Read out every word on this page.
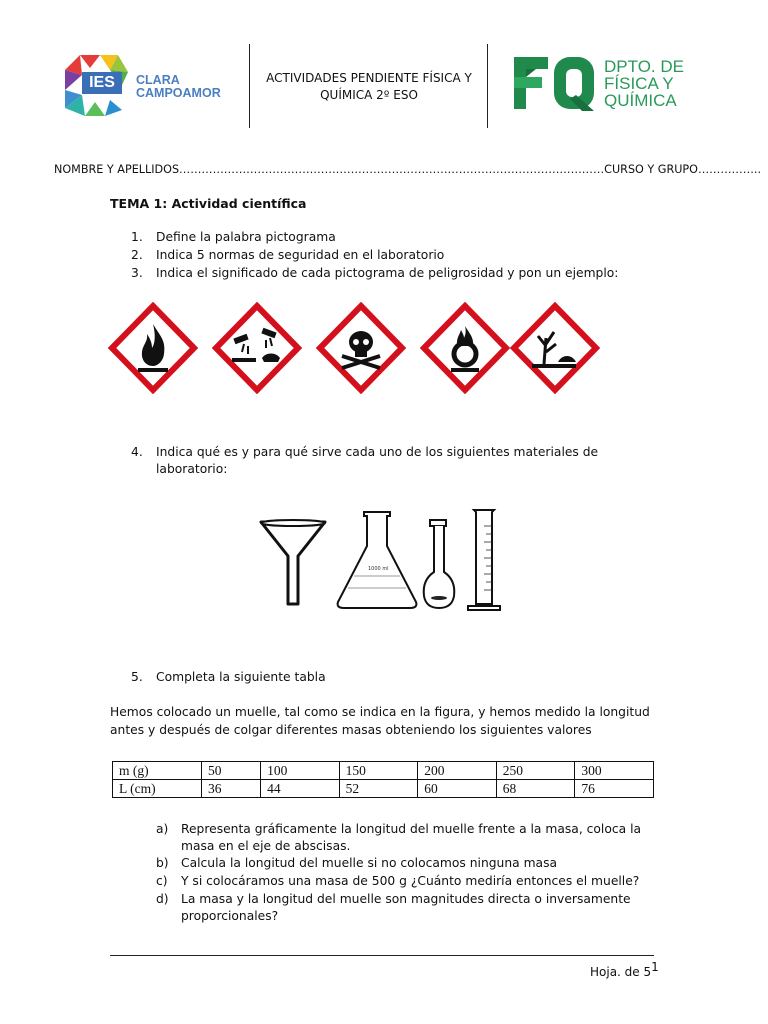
IES	CLARA
CAMPOAMOR
ACTIVIDADES PENDIENTE FÍSICA Y QUÍMICA 2º ESO
DPTO. DE
FÍSICA Y
QUÍMICA
NOMBRE Y APELLIDOS……………………………………………………………………………………………………CURSO Y GRUPO……………..
TEMA 1: Actividad científica
1.	Define la palabra pictograma
2.	Indica 5 normas de seguridad en el laboratorio
3.	Indica el significado de cada pictograma de peligrosidad y pon un ejemplo:
4.	Indica qué es y para qué sirve cada uno de los siguientes materiales de
laboratorio:
1000 ml
5.	Completa la siguiente tabla
Hemos colocado un muelle, tal como se indica en la figura, y hemos medido la longitud
antes y después de colgar diferentes masas obteniendo los siguientes valores
m (g)	50	100	150	200	250	300
L (cm)	36	44	52	60	68	76
a)	Representa gráficamente la longitud del muelle frente a la masa, coloca la
masa en el eje de abscisas.
b)	Calcula la longitud del muelle si no colocamos ninguna masa
c)	Y si colocáramos una masa de 500 g ¿Cuánto mediría entonces el muelle?
d)	La masa y la longitud del muelle son magnitudes directa o inversamente
proporcionales?
Hoja. de $5^1$
